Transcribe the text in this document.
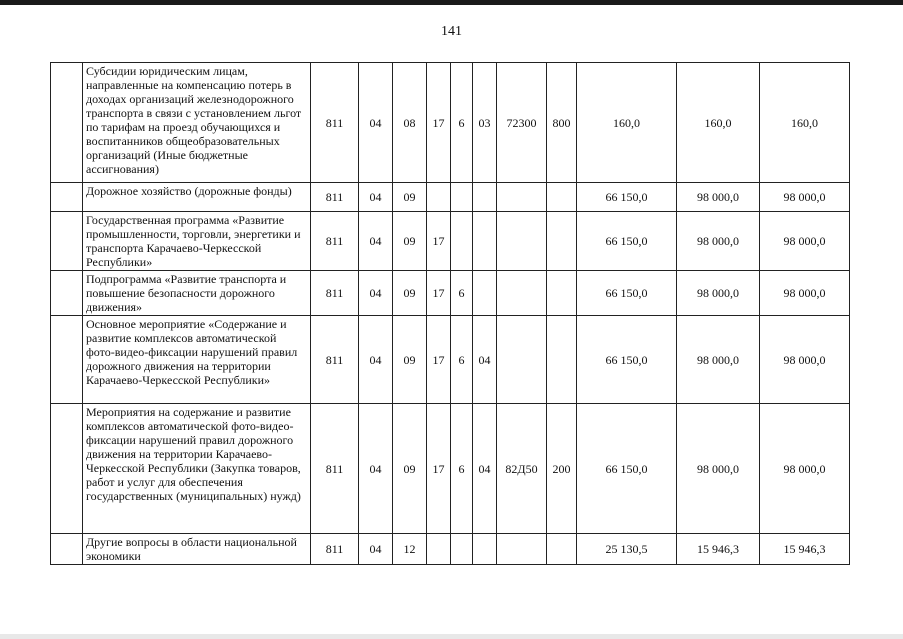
141
	Субсидии юридическим лицам, направленные на компенсацию потерь в доходах организаций железнодорожного транспорта в связи с установлением льгот по тарифам на проезд обучающихся и воспитанников общеобразовательных организаций (Иные бюджетные ассигнования)	811	04	08	17	6	03	72300	800	160,0	160,0	160,0
	Дорожное хозяйство (дорожные фонды)	811	04	09						66 150,0	98 000,0	98 000,0
	Государственная программа «Развитие промышленности, торговли, энергетики и транспорта Карачаево-Черкесской Республики»	811	04	09	17					66 150,0	98 000,0	98 000,0
	Подпрограмма «Развитие транспорта и повышение безопасности дорожного движения»	811	04	09	17	6				66 150,0	98 000,0	98 000,0
	Основное мероприятие «Содержание и развитие комплексов автоматической фото-видео-фиксации нарушений правил дорожного движения на территории Карачаево-Черкесской Республики»	811	04	09	17	6	04			66 150,0	98 000,0	98 000,0
	Мероприятия на содержание и развитие комплексов автоматической фото-видео-фиксации нарушений правил дорожного движения на территории Карачаево-Черкесской Республики (Закупка товаров, работ и услуг для обеспечения государственных (муниципальных) нужд)	811	04	09	17	6	04	82Д50	200	66 150,0	98 000,0	98 000,0
	Другие вопросы в области национальной экономики	811	04	12						25 130,5	15 946,3	15 946,3
